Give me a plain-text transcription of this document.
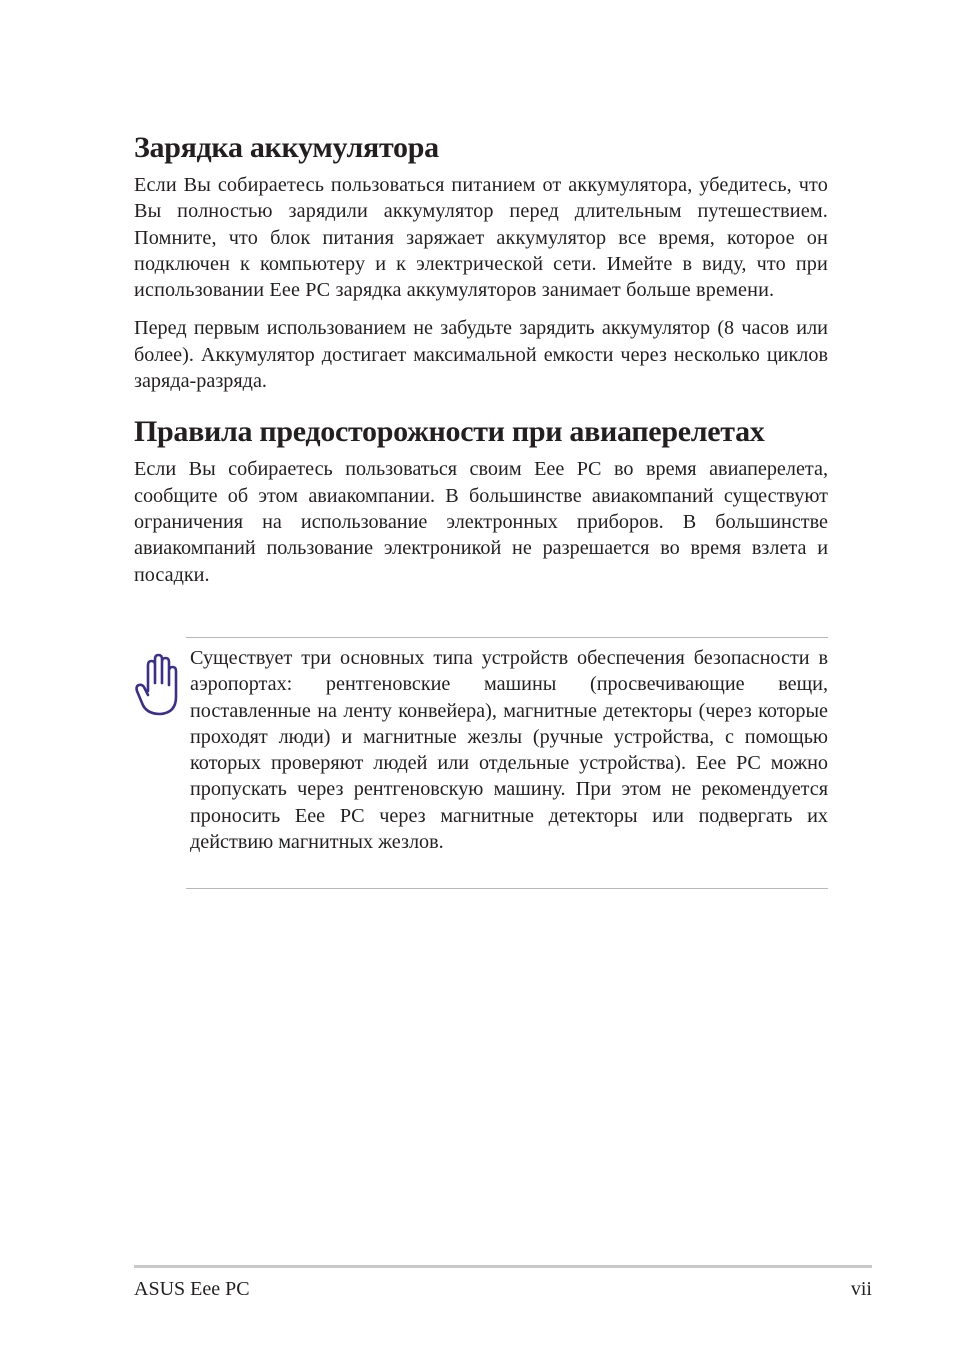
Зарядка аккумулятора

Если Вы собираетесь пользоваться питанием от аккумулятора, убедитесь, что Вы полностью зарядили аккумулятор перед длительным путешествием. Помните, что блок питания заряжает аккумулятор все время, которое он подключен к компьютеру и к электрической сети. Имейте в виду, что при использовании Eee PC зарядка аккумуляторов занимает больше времени.

Перед первым использованием не забудьте зарядить аккумулятор (8 часов или более). Аккумулятор достигает максимальной емкости через несколько циклов заряда-разряда.

Правила предосторожности при авиаперелетах

Если Вы собираетесь пользоваться своим Eee PC во время авиаперелета, сообщите об этом авиакомпании. В большинстве авиакомпаний существуют ограничения на использование электронных приборов. В большинстве авиакомпаний пользование электроникой не разрешается во время взлета и посадки.

Существует три основных типа устройств обеспечения безопасности в аэропортах: рентгеновские машины (просвечивающие вещи, поставленные на ленту конвейера), магнитные детекторы (через которые проходят люди) и магнитные жезлы (ручные устройства, с помощью которых проверяют людей или отдельные устройства). Eee PC можно пропускать через рентгеновскую машину. При этом не рекомендуется проносить Eee PC через магнитные детекторы или подвергать их действию магнитных жезлов.

ASUS Eee PC	vii
